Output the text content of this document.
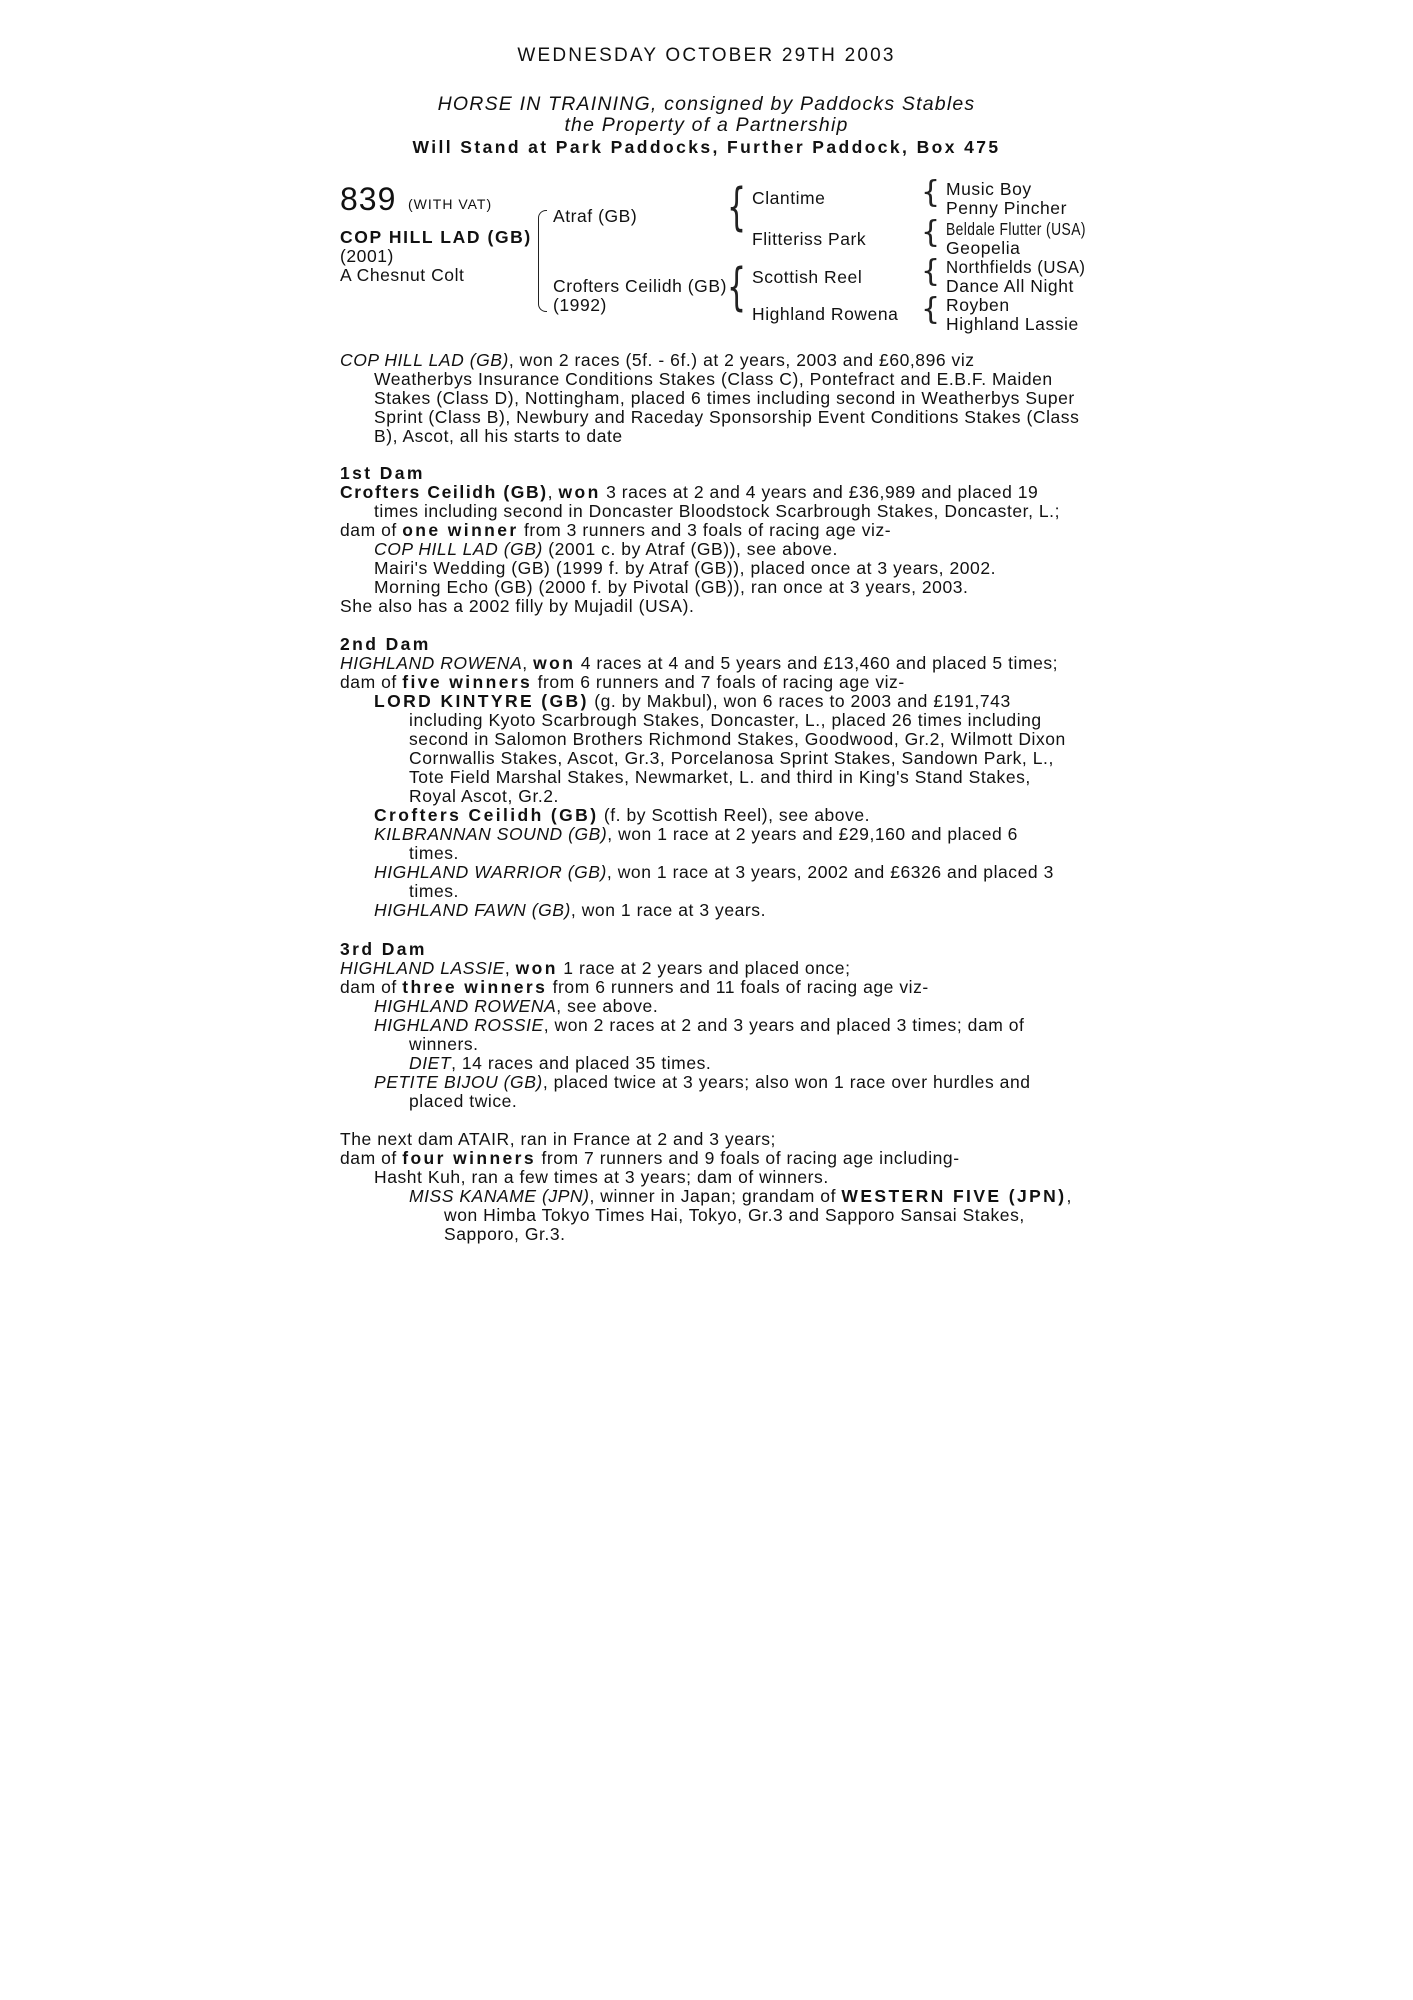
WEDNESDAY OCTOBER 29TH 2003
HORSE IN TRAINING, consigned by Paddocks Stables
the Property of a Partnership
Will Stand at Park Paddocks, Further Paddock, Box 475
839 (WITH VAT)
COP HILL LAD (GB)
(2001)
A Chesnut Colt
Atraf (GB)
Crofters Ceilidh (GB)
(1992)
{ Clantime
Flitteriss Park
{ Scottish Reel
Highland Rowena
{ Music Boy
Penny Pincher
{ Beldale Flutter (USA)
Geopelia
{ Northfields (USA)
Dance All Night
{ Royben
Highland Lassie
COP HILL LAD (GB), won 2 races (5f. - 6f.) at 2 years, 2003 and £60,896 viz
Weatherbys Insurance Conditions Stakes (Class C), Pontefract and E.B.F. Maiden
Stakes (Class D), Nottingham, placed 6 times including second in Weatherbys Super
Sprint (Class B), Newbury and Raceday Sponsorship Event Conditions Stakes (Class
B), Ascot, all his starts to date
1st Dam
Crofters Ceilidh (GB), won 3 races at 2 and 4 years and £36,989 and placed 19
times including second in Doncaster Bloodstock Scarbrough Stakes, Doncaster, L.;
dam of one winner from 3 runners and 3 foals of racing age viz-
COP HILL LAD (GB) (2001 c. by Atraf (GB)), see above.
Mairi's Wedding (GB) (1999 f. by Atraf (GB)), placed once at 3 years, 2002.
Morning Echo (GB) (2000 f. by Pivotal (GB)), ran once at 3 years, 2003.
She also has a 2002 filly by Mujadil (USA).
2nd Dam
HIGHLAND ROWENA, won 4 races at 4 and 5 years and £13,460 and placed 5 times;
dam of five winners from 6 runners and 7 foals of racing age viz-
LORD KINTYRE (GB) (g. by Makbul), won 6 races to 2003 and £191,743
including Kyoto Scarbrough Stakes, Doncaster, L., placed 26 times including
second in Salomon Brothers Richmond Stakes, Goodwood, Gr.2, Wilmott Dixon
Cornwallis Stakes, Ascot, Gr.3, Porcelanosa Sprint Stakes, Sandown Park, L.,
Tote Field Marshal Stakes, Newmarket, L. and third in King's Stand Stakes,
Royal Ascot, Gr.2.
Crofters Ceilidh (GB) (f. by Scottish Reel), see above.
KILBRANNAN SOUND (GB), won 1 race at 2 years and £29,160 and placed 6
times.
HIGHLAND WARRIOR (GB), won 1 race at 3 years, 2002 and £6326 and placed 3
times.
HIGHLAND FAWN (GB), won 1 race at 3 years.
3rd Dam
HIGHLAND LASSIE, won 1 race at 2 years and placed once;
dam of three winners from 6 runners and 11 foals of racing age viz-
HIGHLAND ROWENA, see above.
HIGHLAND ROSSIE, won 2 races at 2 and 3 years and placed 3 times; dam of
winners.
DIET, 14 races and placed 35 times.
PETITE BIJOU (GB), placed twice at 3 years; also won 1 race over hurdles and
placed twice.
The next dam ATAIR, ran in France at 2 and 3 years;
dam of four winners from 7 runners and 9 foals of racing age including-
Hasht Kuh, ran a few times at 3 years; dam of winners.
MISS KANAME (JPN), winner in Japan; grandam of WESTERN FIVE (JPN),
won Himba Tokyo Times Hai, Tokyo, Gr.3 and Sapporo Sansai Stakes,
Sapporo, Gr.3.
